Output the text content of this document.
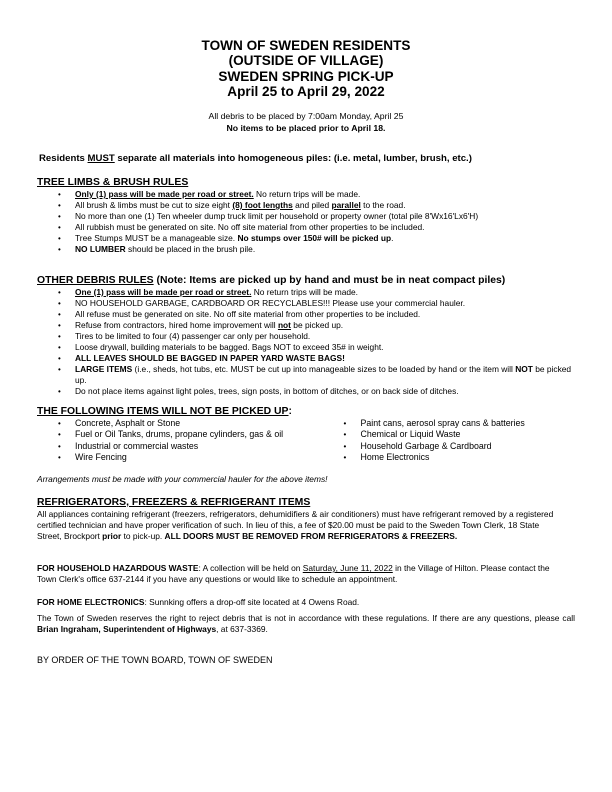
TOWN OF SWEDEN RESIDENTS
(OUTSIDE OF VILLAGE)
SWEDEN SPRING PICK-UP
April 25 to April 29, 2022
All debris to be placed by 7:00am Monday, April 25
No items to be placed prior to April 18.
Residents MUST separate all materials into homogeneous piles: (i.e. metal, lumber, brush, etc.)
TREE LIMBS & BRUSH RULES
• Only (1) pass will be made per road or street. No return trips will be made.
• All brush & limbs must be cut to size eight (8) foot lengths and piled parallel to the road.
• No more than one (1) Ten wheeler dump truck limit per household or property owner (total pile 8'Wx16'Lx6'H)
• All rubbish must be generated on site. No off site material from other properties to be included.
• Tree Stumps MUST be a manageable size. No stumps over 150# will be picked up.
• NO LUMBER should be placed in the brush pile.
OTHER DEBRIS RULES (Note: Items are picked up by hand and must be in neat compact piles)
• One (1) pass will be made per road or street. No return trips will be made.
• NO HOUSEHOLD GARBAGE, CARDBOARD OR RECYCLABLES!!! Please use your commercial hauler.
• All refuse must be generated on site. No off site material from other properties to be included.
• Refuse from contractors, hired home improvement will not be picked up.
• Tires to be limited to four (4) passenger car only per household.
• Loose drywall, building materials to be bagged. Bags NOT to exceed 35# in weight.
• ALL LEAVES SHOULD BE BAGGED IN PAPER YARD WASTE BAGS!
• LARGE ITEMS (i.e., sheds, hot tubs, etc. MUST be cut up into manageable sizes to be loaded by hand or the item will NOT be picked up.
• Do not place items against light poles, trees, sign posts, in bottom of ditches, or on back side of ditches.
THE FOLLOWING ITEMS WILL NOT BE PICKED UP:
• Concrete, Asphalt or Stone
• Fuel or Oil Tanks, drums, propane cylinders, gas & oil
• Industrial or commercial wastes
• Wire Fencing
• Paint cans, aerosol spray cans & batteries
• Chemical or Liquid Waste
• Household Garbage & Cardboard
• Home Electronics
Arrangements must be made with your commercial hauler for the above items!
REFRIGERATORS, FREEZERS & REFRIGERANT ITEMS
All appliances containing refrigerant (freezers, refrigerators, dehumidifiers & air conditioners) must have refrigerant removed by a registered certified technician and have proper verification of such. In lieu of this, a fee of $20.00 must be paid to the Sweden Town Clerk, 18 State Street, Brockport prior to pick-up. ALL DOORS MUST BE REMOVED FROM REFRIGERATORS & FREEZERS.
FOR HOUSEHOLD HAZARDOUS WASTE: A collection will be held on Saturday, June 11, 2022 in the Village of Hilton. Please contact the Town Clerk's office 637-2144 if you have any questions or would like to schedule an appointment.
FOR HOME ELECTRONICS: Sunnking offers a drop-off site located at 4 Owens Road.
The Town of Sweden reserves the right to reject debris that is not in accordance with these regulations. If there are any questions, please call Brian Ingraham, Superintendent of Highways, at 637-3369.
BY ORDER OF THE TOWN BOARD, TOWN OF SWEDEN
